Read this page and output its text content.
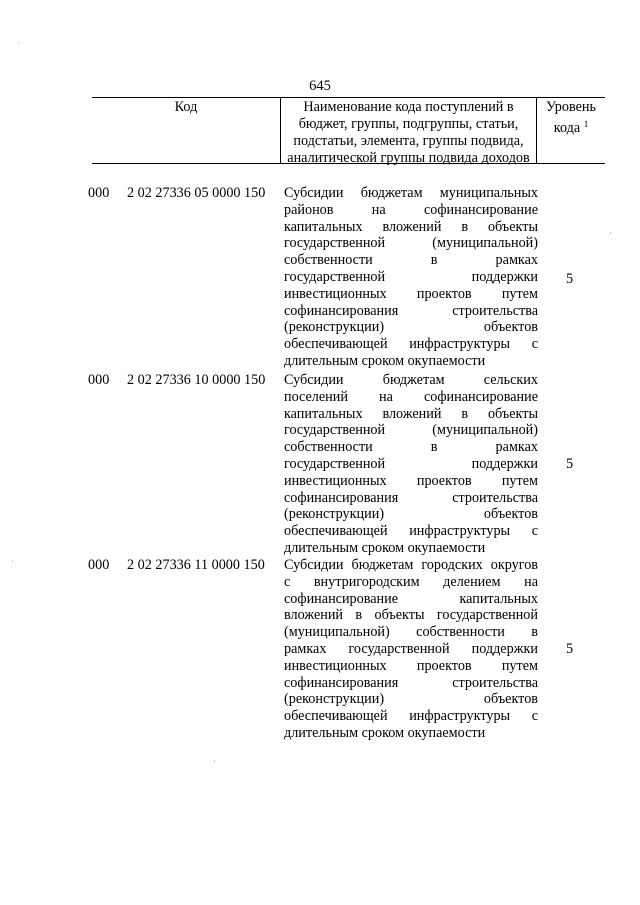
645
Код	Наименование кода поступлений в
бюджет, группы, подгруппы, статьи,
подстатьи, элемента, группы подвида,
аналитической группы подвида доходов
Уровень
кода $^1$
000 2 02 27336 05 0000 150 Субсидии бюджетам муниципальных
районов на софинансирование
капитальных вложений в объекты
государственной (муниципальной)
собственности в рамках
государственной поддержки
инвестиционных проектов путем
софинансирования строительства
(реконструкции) объектов
обеспечивающей инфраструктуры с
длительным сроком окупаемости
5
000 2 02 27336 10 0000 150 Субсидии бюджетам сельских
поселений на софинансирование
капитальных вложений в объекты
государственной (муниципальной)
собственности в рамках
государственной поддержки
инвестиционных проектов путем
софинансирования строительства
(реконструкции) объектов
обеспечивающей инфраструктуры с
длительным сроком окупаемости
5
000 2 02 27336 11 0000 150 Субсидии бюджетам городских округов
с внутригородским делением на
софинансирование капитальных
вложений в объекты государственной
(муниципальной) собственности в
рамках государственной поддержки
инвестиционных проектов путем
софинансирования строительства
(реконструкции) объектов
обеспечивающей инфраструктуры с
длительным сроком окупаемости
5
